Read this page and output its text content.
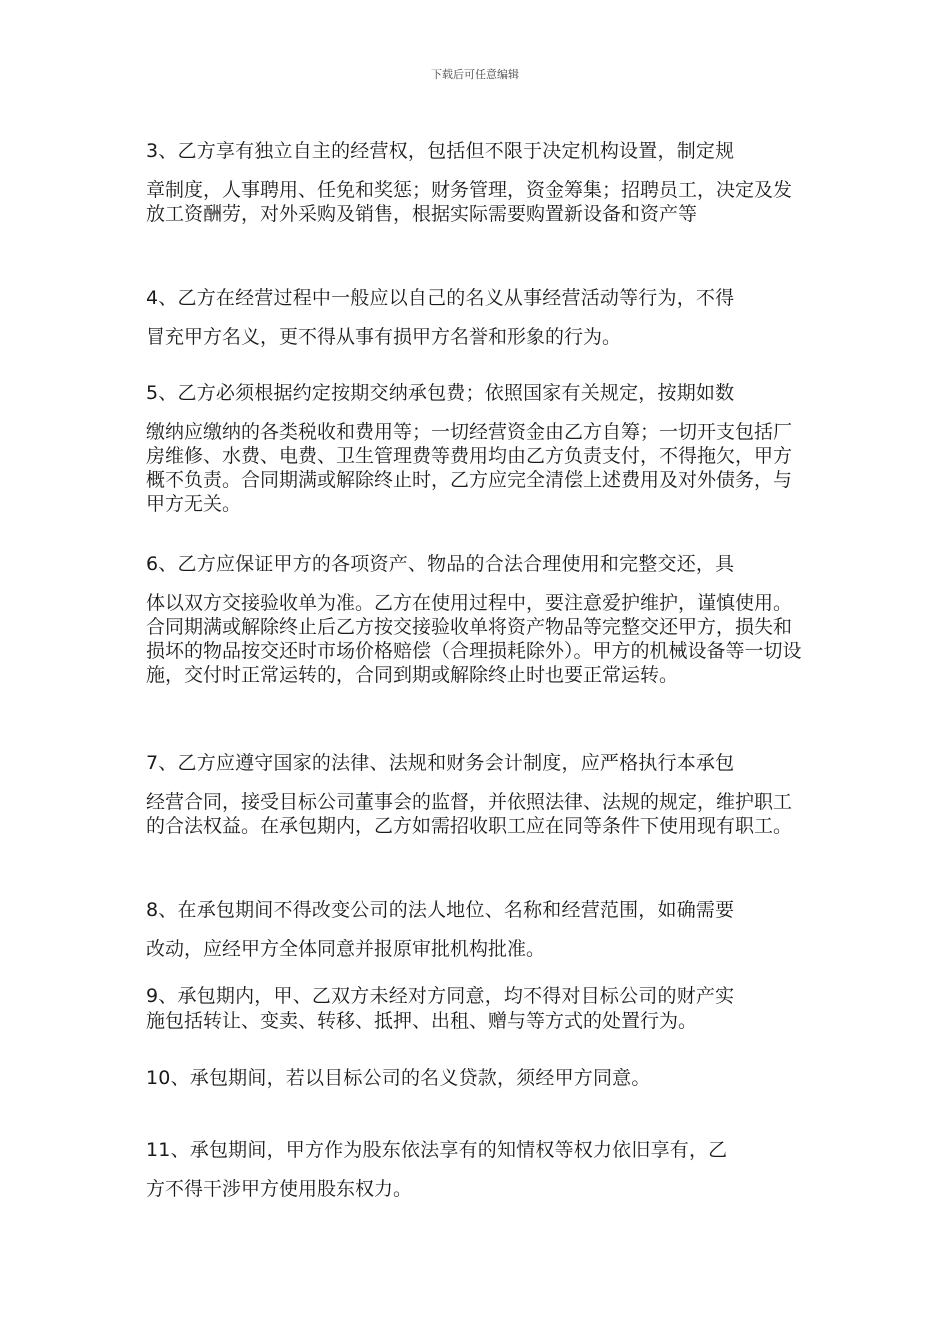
下载后可任意编辑

3、乙方享有独立自主的经营权，包括但不限于决定机构设置，制定规
章制度，人事聘用、任免和奖惩；财务管理，资金筹集；招聘员工，决定及发放工资酬劳，对外采购及销售，根据实际需要购置新设备和资产等

4、乙方在经营过程中一般应以自己的名义从事经营活动等行为，不得
冒充甲方名义，更不得从事有损甲方名誉和形象的行为。

5、乙方必须根据约定按期交纳承包费；依照国家有关规定，按期如数
缴纳应缴纳的各类税收和费用等；一切经营资金由乙方自筹；一切开支包括厂房维修、水费、电费、卫生管理费等费用均由乙方负责支付，不得拖欠，甲方概不负责。合同期满或解除终止时，乙方应完全清偿上述费用及对外债务，与甲方无关。

6、乙方应保证甲方的各项资产、物品的合法合理使用和完整交还，具
体以双方交接验收单为准。乙方在使用过程中，要注意爱护维护，谨慎使用。合同期满或解除终止后乙方按交接验收单将资产物品等完整交还甲方，损失和损坏的物品按交还时市场价格赔偿（合理损耗除外）。甲方的机械设备等一切设施，交付时正常运转的，合同到期或解除终止时也要正常运转。

7、乙方应遵守国家的法律、法规和财务会计制度，应严格执行本承包
经营合同，接受目标公司董事会的监督，并依照法律、法规的规定，维护职工的合法权益。在承包期内，乙方如需招收职工应在同等条件下使用现有职工。

8、在承包期间不得改变公司的法人地位、名称和经营范围，如确需要
改动，应经甲方全体同意并报原审批机构批准。

9、承包期内，甲、乙双方未经对方同意，均不得对目标公司的财产实
施包括转让、变卖、转移、抵押、出租、赠与等方式的处置行为。

10、承包期间，若以目标公司的名义贷款，须经甲方同意。

11、承包期间，甲方作为股东依法享有的知情权等权力依旧享有，乙
方不得干涉甲方使用股东权力。
